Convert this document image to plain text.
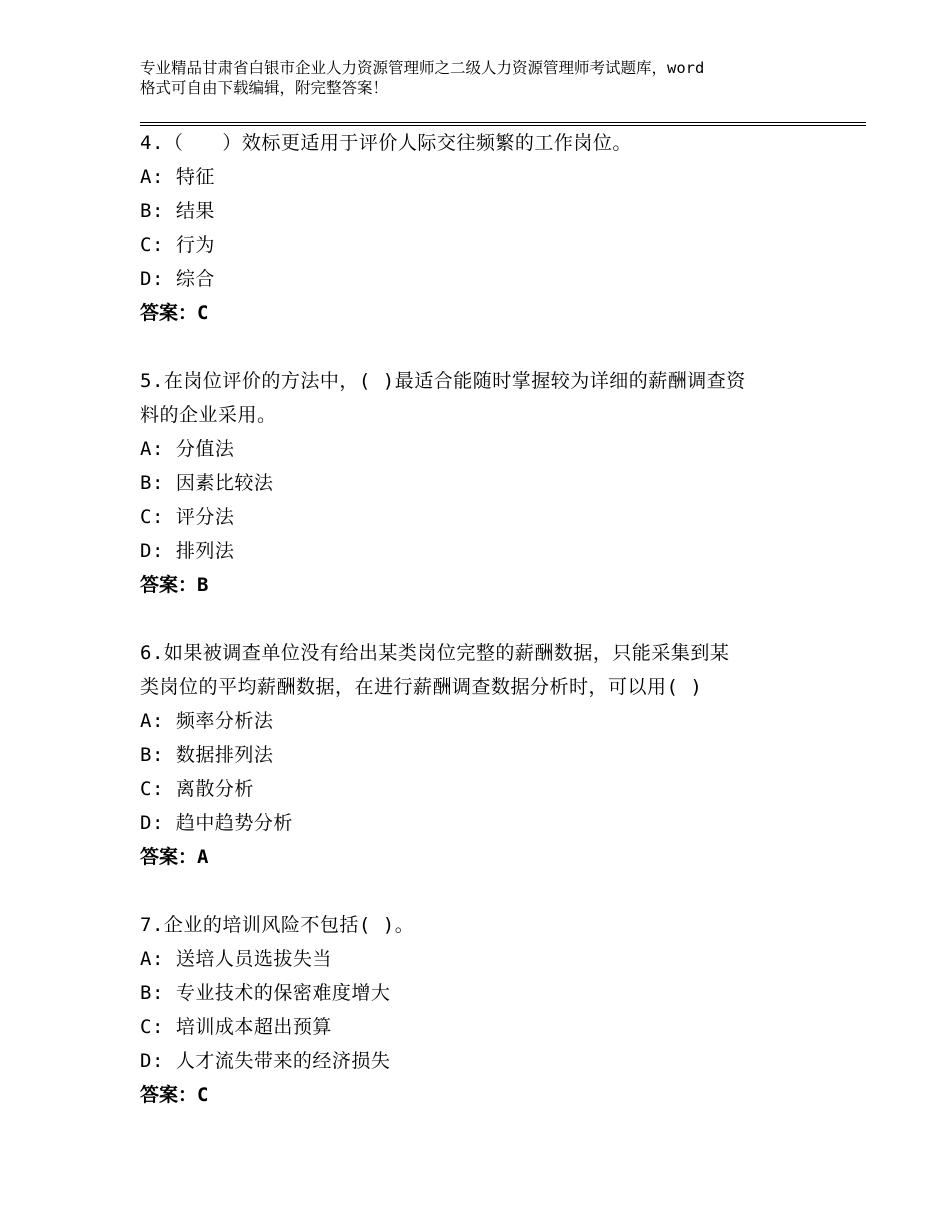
专业精品甘肃省白银市企业人力资源管理师之二级人力资源管理师考试题库，word
格式可自由下载编辑，附完整答案！

4.（　　）效标更适用于评价人际交往频繁的工作岗位。

A: 特征

B: 结果

C: 行为

D: 综合

答案：C

5.在岗位评价的方法中，( )最适合能随时掌握较为详细的薪酬调查资

料的企业采用。

A: 分值法

B: 因素比较法

C: 评分法

D: 排列法

答案：B

6.如果被调查单位没有给出某类岗位完整的薪酬数据，只能采集到某

类岗位的平均薪酬数据，在进行薪酬调查数据分析时，可以用( )

A: 频率分析法

B: 数据排列法

C: 离散分析

D: 趋中趋势分析

答案：A

7.企业的培训风险不包括( )。

A: 送培人员选拔失当

B: 专业技术的保密难度增大

C: 培训成本超出预算

D: 人才流失带来的经济损失

答案：C
